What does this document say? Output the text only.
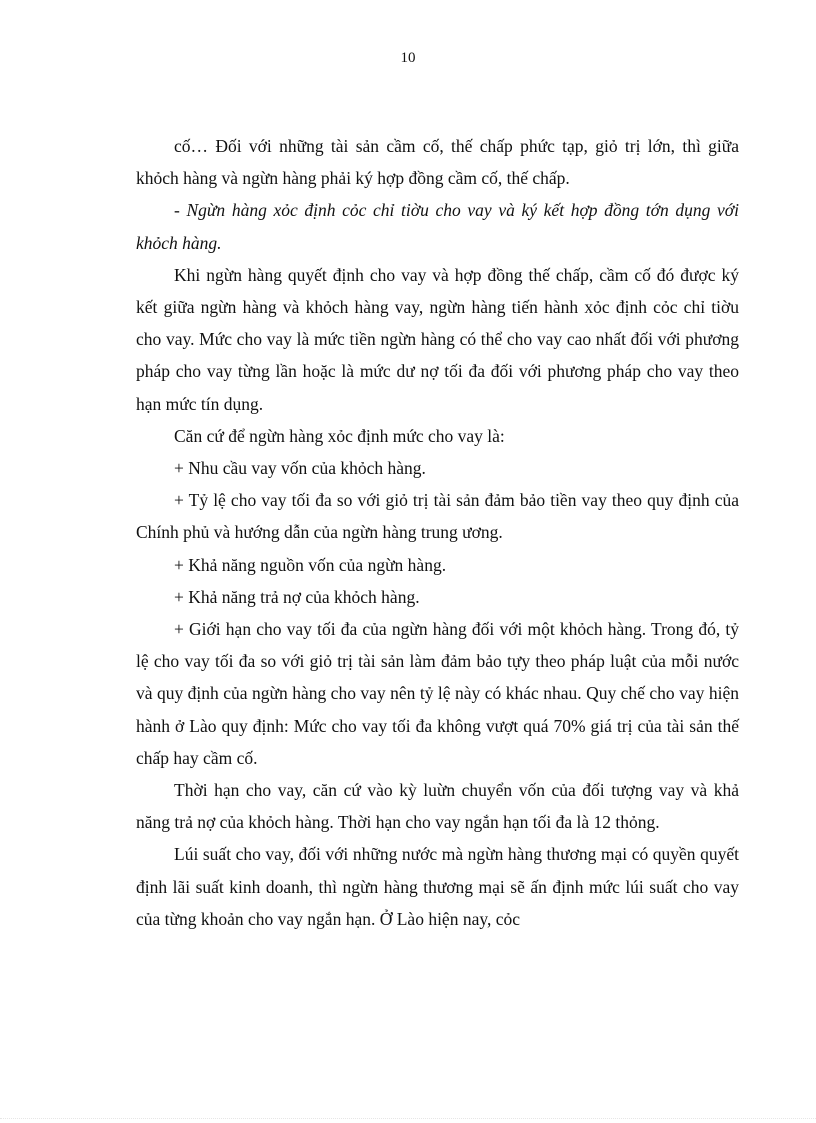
10

cố… Đối với những tài sản cầm cố, thế chấp phức tạp, giỏ trị lớn, thì giữa khỏch hàng và ngừn hàng phải ký hợp đồng cầm cố, thế chấp.

- Ngừn hàng xỏc định cỏc chỉ tiờu cho vay và ký kết hợp đồng tớn dụng với khỏch hàng.

Khi ngừn hàng quyết định cho vay và hợp đồng thế chấp, cầm cố đó được ký kết giữa ngừn hàng và khỏch hàng vay, ngừn hàng tiến hành xỏc định cỏc chỉ tiờu cho vay. Mức cho vay là mức tiền ngừn hàng có thể cho vay cao nhất đối với phương pháp cho vay từng lần hoặc là mức dư nợ tối đa đối với phương pháp cho vay theo hạn mức tín dụng.

Căn cứ để ngừn hàng xỏc định mức cho vay là:

+ Nhu cầu vay vốn của khỏch hàng.

+ Tỷ lệ cho vay tối đa so với giỏ trị tài sản đảm bảo tiền vay theo quy định của Chính phủ và hướng dẫn của ngừn hàng trung ương.

+ Khả năng nguồn vốn của ngừn hàng.

+ Khả năng trả nợ của khỏch hàng.

+ Giới hạn cho vay tối đa của ngừn hàng đối với một khỏch hàng. Trong đó, tỷ lệ cho vay tối đa so với giỏ trị tài sản làm đảm bảo tựy theo pháp luật của mỗi nước và quy định của ngừn hàng cho vay nên tỷ lệ này có khác nhau. Quy chế cho vay hiện hành ở Lào quy định: Mức cho vay tối đa không vượt quá 70% giá trị của tài sản thế chấp hay cầm cố.

Thời hạn cho vay, căn cứ vào kỳ luừn chuyển vốn của đối tượng vay và khả năng trả nợ của khỏch hàng. Thời hạn cho vay ngắn hạn tối đa là 12 thỏng.

Lúi suất cho vay, đối với những nước mà ngừn hàng thương mại có quyền quyết định lãi suất kinh doanh, thì ngừn hàng thương mại sẽ ấn định mức lúi suất cho vay của từng khoản cho vay ngắn hạn. Ở Lào hiện nay, cỏc
